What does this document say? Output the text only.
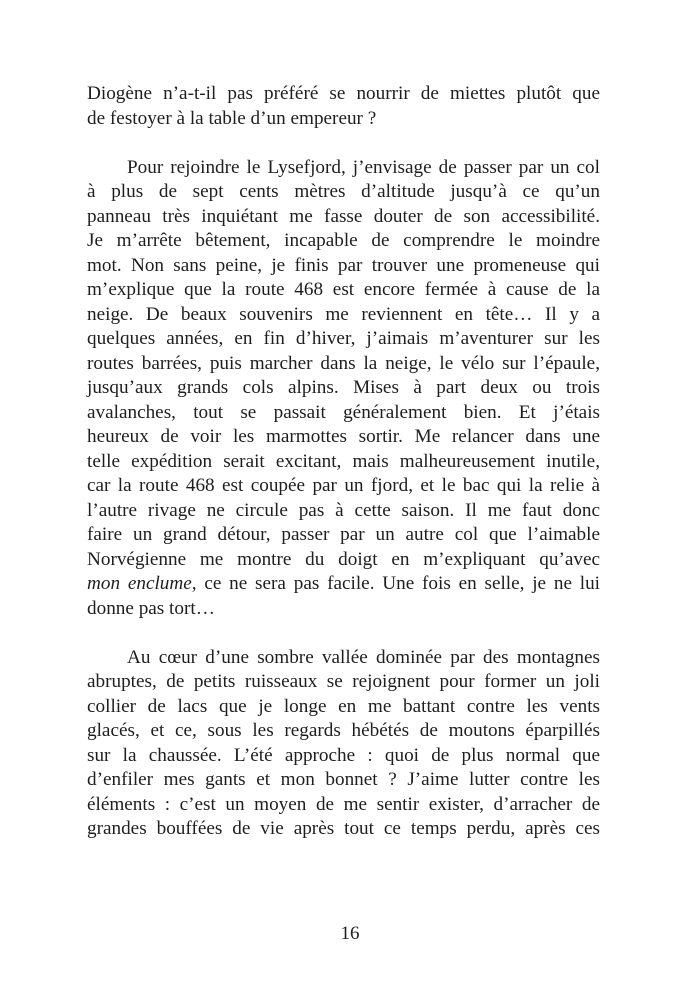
Diogène n’a-t-il pas préféré se nourrir de miettes plutôt que
de festoyer à la table d’un empereur ?
Pour rejoindre le Lysefjord, j’envisage de passer par un col
à plus de sept cents mètres d’altitude jusqu’à ce qu’un
panneau très inquiétant me fasse douter de son accessibilité.
Je m’arrête bêtement, incapable de comprendre le moindre
mot. Non sans peine, je finis par trouver une promeneuse qui
m’explique que la route 468 est encore fermée à cause de la
neige. De beaux souvenirs me reviennent en tête… Il y a
quelques années, en fin d’hiver, j’aimais m’aventurer sur les
routes barrées, puis marcher dans la neige, le vélo sur l’épaule,
jusqu’aux grands cols alpins. Mises à part deux ou trois
avalanches, tout se passait généralement bien. Et j’étais
heureux de voir les marmottes sortir. Me relancer dans une
telle expédition serait excitant, mais malheureusement inutile,
car la route 468 est coupée par un fjord, et le bac qui la relie à
l’autre rivage ne circule pas à cette saison. Il me faut donc
faire un grand détour, passer par un autre col que l’aimable
Norvégienne me montre du doigt en m’expliquant qu’avec
mon enclume, ce ne sera pas facile. Une fois en selle, je ne lui
donne pas tort…
Au cœur d’une sombre vallée dominée par des montagnes
abruptes, de petits ruisseaux se rejoignent pour former un joli
collier de lacs que je longe en me battant contre les vents
glacés, et ce, sous les regards hébétés de moutons éparpillés
sur la chaussée. L’été approche : quoi de plus normal que
d’enfiler mes gants et mon bonnet ? J’aime lutter contre les
éléments : c’est un moyen de me sentir exister, d’arracher de
grandes bouffées de vie après tout ce temps perdu, après ces
16
